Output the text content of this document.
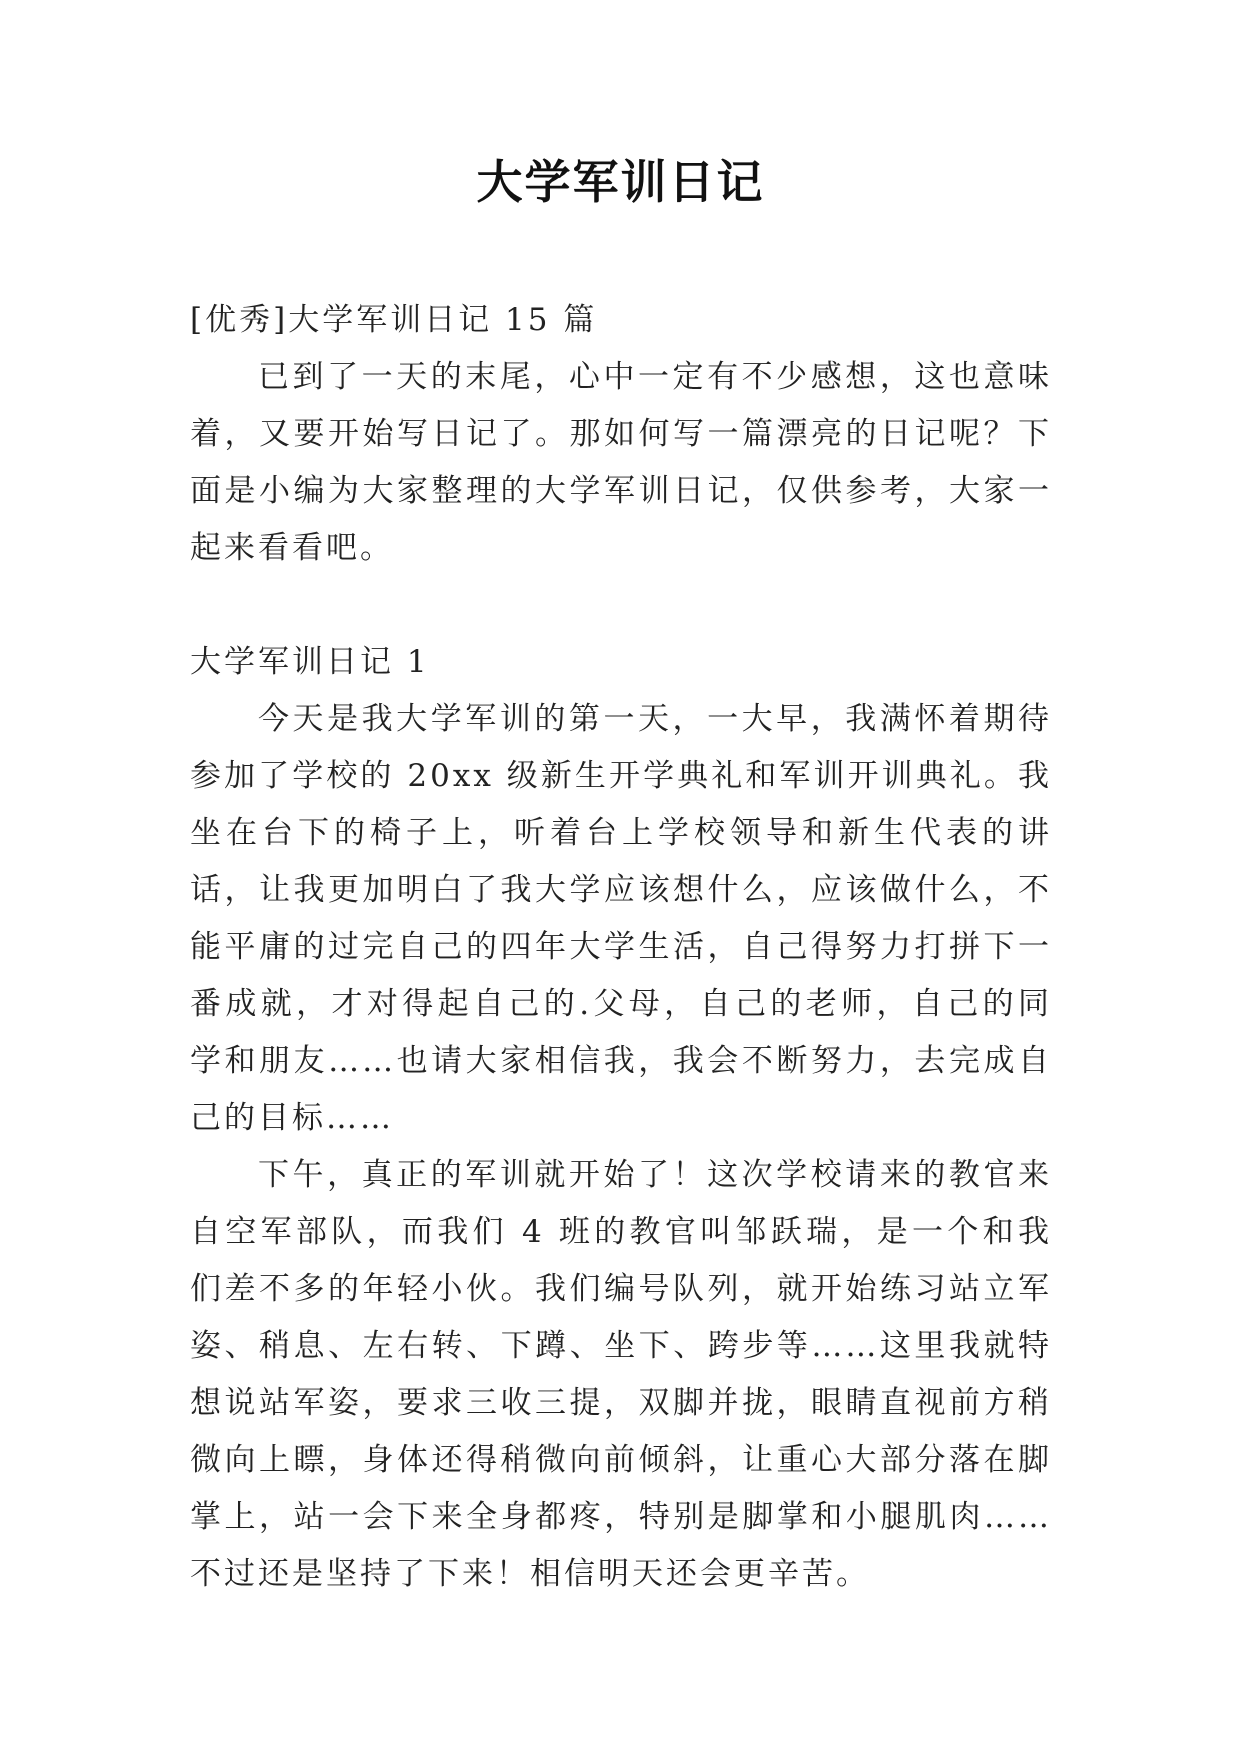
大学军训日记

[优秀]大学军训日记 15 篇

已到了一天的末尾，心中一定有不少感想，这也意味着，又要开始写日记了。那如何写一篇漂亮的日记呢？下面是小编为大家整理的大学军训日记，仅供参考，大家一起来看看吧。

大学军训日记 1

今天是我大学军训的第一天，一大早，我满怀着期待参加了学校的 20xx 级新生开学典礼和军训开训典礼。我坐在台下的椅子上，听着台上学校领导和新生代表的讲话，让我更加明白了我大学应该想什么，应该做什么，不能平庸的过完自己的四年大学生活，自己得努力打拼下一番成就，才对得起自己的.父母，自己的老师，自己的同学和朋友……也请大家相信我，我会不断努力，去完成自己的目标……

下午，真正的军训就开始了！这次学校请来的教官来自空军部队，而我们 4 班的教官叫邹跃瑞，是一个和我们差不多的年轻小伙。我们编号队列，就开始练习站立军姿、稍息、左右转、下蹲、坐下、跨步等……这里我就特想说站军姿，要求三收三提，双脚并拢，眼睛直视前方稍微向上瞟，身体还得稍微向前倾斜，让重心大部分落在脚掌上，站一会下来全身都疼，特别是脚掌和小腿肌肉……不过还是坚持了下来！相信明天还会更辛苦。
